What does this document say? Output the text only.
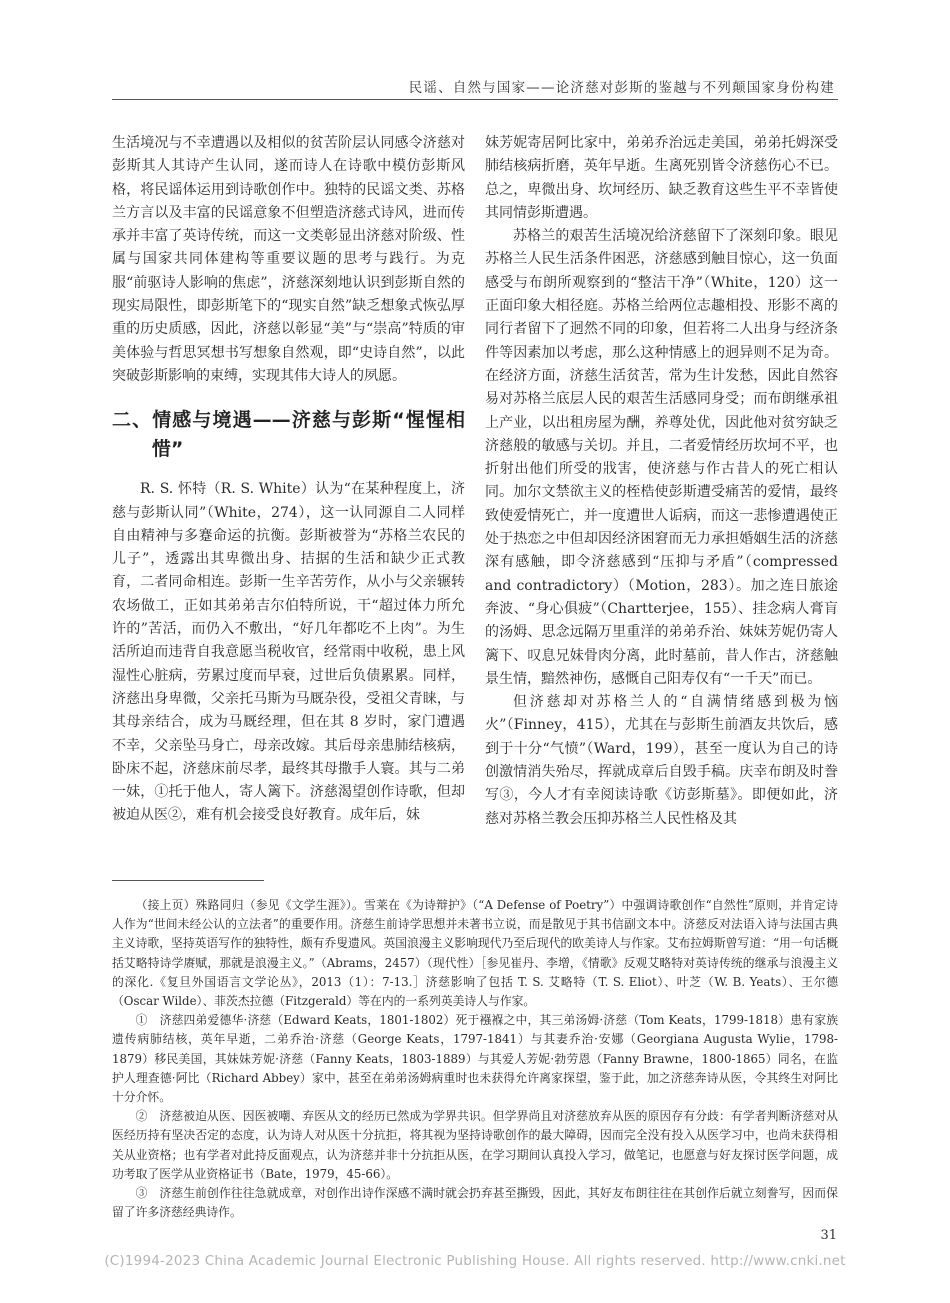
民谣、自然与国家——论济慈对彭斯的鉴越与不列颠国家身份构建

生活境况与不幸遭遇以及相似的贫苦阶层认同感令济慈对彭斯其人其诗产生认同，遂而诗人在诗歌中模仿彭斯风格，将民谣体运用到诗歌创作中。独特的民谣文类、苏格兰方言以及丰富的民谣意象不但塑造济慈式诗风，进而传承并丰富了英诗传统，而这一文类彰显出济慈对阶级、性属与国家共同体建构等重要议题的思考与践行。为克服“前驱诗人影响的焦虑”，济慈深刻地认识到彭斯自然的现实局限性，即彭斯笔下的“现实自然”缺乏想象式恢弘厚重的历史质感，因此，济慈以彰显“美”与“崇高”特质的审美体验与哲思冥想书写想象自然观，即“史诗自然”，以此突破彭斯影响的束缚，实现其伟大诗人的夙愿。

二、情感与境遇——济慈与彭斯“惺惺相惜”

R. S. 怀特（R. S. White）认为“在某种程度上，济慈与彭斯认同”（White，274），这一认同源自二人同样自由精神与多蹇命运的抗衡。彭斯被誉为“苏格兰农民的儿子”，透露出其卑微出身、拮据的生活和缺少正式教育，二者同命相连。彭斯一生辛苦劳作，从小与父亲辗转农场做工，正如其弟弟吉尔伯特所说，干“超过体力所允许的”苦活，而仍入不敷出，“好几年都吃不上肉”。为生活所迫而违背自我意愿当税收官，经常雨中收税，患上风湿性心脏病，劳累过度而早衰，过世后负债累累。同样，济慈出身卑微，父亲托马斯为马厩杂役，受祖父青睐，与其母亲结合，成为马厩经理，但在其 8 岁时，家门遭遇不幸，父亲坠马身亡，母亲改嫁。其后母亲患肺结核病，卧床不起，济慈床前尽孝，最终其母撒手人寰。其与二弟一妹，①托于他人，寄人篱下。济慈渴望创作诗歌，但却被迫从医②，难有机会接受良好教育。成年后，妹

妹芳妮寄居阿比家中，弟弟乔治远走美国，弟弟托姆深受肺结核病折磨，英年早逝。生离死别皆令济慈伤心不已。总之，卑微出身、坎坷经历、缺乏教育这些生平不幸皆使其同情彭斯遭遇。

苏格兰的艰苦生活境况给济慈留下了深刻印象。眼见苏格兰人民生活条件困恶，济慈感到触目惊心，这一负面感受与布朗所观察到的“整洁干净”（White，120）这一正面印象大相径庭。苏格兰给两位志趣相投、形影不离的同行者留下了迥然不同的印象，但若将二人出身与经济条件等因素加以考虑，那么这种情感上的迥异则不足为奇。在经济方面，济慈生活贫苦，常为生计发愁，因此自然容易对苏格兰底层人民的艰苦生活感同身受；而布朗继承祖上产业，以出租房屋为酬，养尊处优，因此他对贫穷缺乏济慈般的敏感与关切。并且，二者爱情经历坎坷不平，也折射出他们所受的戕害，使济慈与作古昔人的死亡相认同。加尔文禁欲主义的桎梏使彭斯遭受痛苦的爱情，最终致使爱情死亡，并一度遭世人诟病，而这一悲惨遭遇使正处于热恋之中但却因经济困窘而无力承担婚姻生活的济慈深有感触，即令济慈感到“压抑与矛盾”（compressed and contradictory）（Motion，283）。加之连日旅途奔波、“身心俱疲”（Chartterjee，155）、挂念病人膏肓的汤姆、思念远隔万里重洋的弟弟乔治、妹妹芳妮仍寄人篱下、叹息兄妹骨肉分离，此时墓前，昔人作古，济慈触景生情，黯然神伤，感慨自己阳寿仅有“一千天”而已。

但济慈却对苏格兰人的“自满情绪感到极为恼火”（Finney，415），尤其在与彭斯生前酒友共饮后，感到于十分“气愤”（Ward，199），甚至一度认为自己的诗创激情消失殆尽，挥就成章后自毁手稿。庆幸布朗及时誊写③，今人才有幸阅读诗歌《访彭斯墓》。即便如此，济慈对苏格兰教会压抑苏格兰人民性格及其

（接上页）殊路同归（参见《文学生涯》）。雪莱在《为诗辩护》（“A Defense of Poetry”）中强调诗歌创作“自然性”原则，并肯定诗人作为“世间未经公认的立法者”的重要作用。济慈生前诗学思想并未著书立说，而是散见于其书信副文本中。济慈反对法语入诗与法国古典主义诗歌，坚持英语写作的独特性，颇有乔叟遗风。英国浪漫主义影响现代乃至后现代的欧美诗人与作家。艾布拉姆斯曾写道：“用一句话概括艾略特诗学赓赋，那就是浪漫主义。”（Abrams，2457）（现代性）［参见崔丹、李增，《情歌》反观艾略特对英诗传统的继承与浪漫主义的深化.《复旦外国语言文学论丛》，2013（1）：7-13.］济慈影响了包括 T. S. 艾略特（T. S. Eliot）、叶芝（W. B. Yeats）、王尔德（Oscar Wilde）、菲茨杰拉德（Fitzgerald）等在内的一系列英美诗人与作家。

①　济慈四弟爱德华·济慈（Edward Keats，1801-1802）死于襁褓之中，其三弟汤姆·济慈（Tom Keats，1799-1818）患有家族遗传病肺结核，英年早逝，二弟乔治·济慈（George Keats，1797-1841）与其妻乔治·安娜（Georgiana Augusta Wylie，1798-1879）移民美国，其妹妹芳妮·济慈（Fanny Keats，1803-1889）与其爱人芳妮·勃劳恩（Fanny Brawne，1800-1865）同名，在监护人理查德·阿比（Richard Abbey）家中，甚至在弟弟汤姆病重时也未获得允许离家探望，鉴于此，加之济慈奔诗从医，令其终生对阿比十分介怀。

②　济慈被迫从医、因医被嘲、弃医从文的经历已然成为学界共识。但学界尚且对济慈放弃从医的原因存有分歧：有学者判断济慈对从医经历持有坚决否定的态度，认为诗人对从医十分抗拒，将其视为坚持诗歌创作的最大障碍，因而完全没有投入从医学习中，也尚未获得相关从业资格；也有学者对此持反面观点，认为济慈并非十分抗拒从医，在学习期间认真投入学习，做笔记，也愿意与好友探讨医学问题，成功考取了医学从业资格证书（Bate，1979，45-66）。

③　济慈生前创作往往急就成章，对创作出诗作深感不满时就会扔弃甚至撕毁，因此，其好友布朗往往在其创作后就立刻誊写，因而保留了许多济慈经典诗作。

31
(C)1994-2023 China Academic Journal Electronic Publishing House. All rights reserved. http://www.cnki.net
